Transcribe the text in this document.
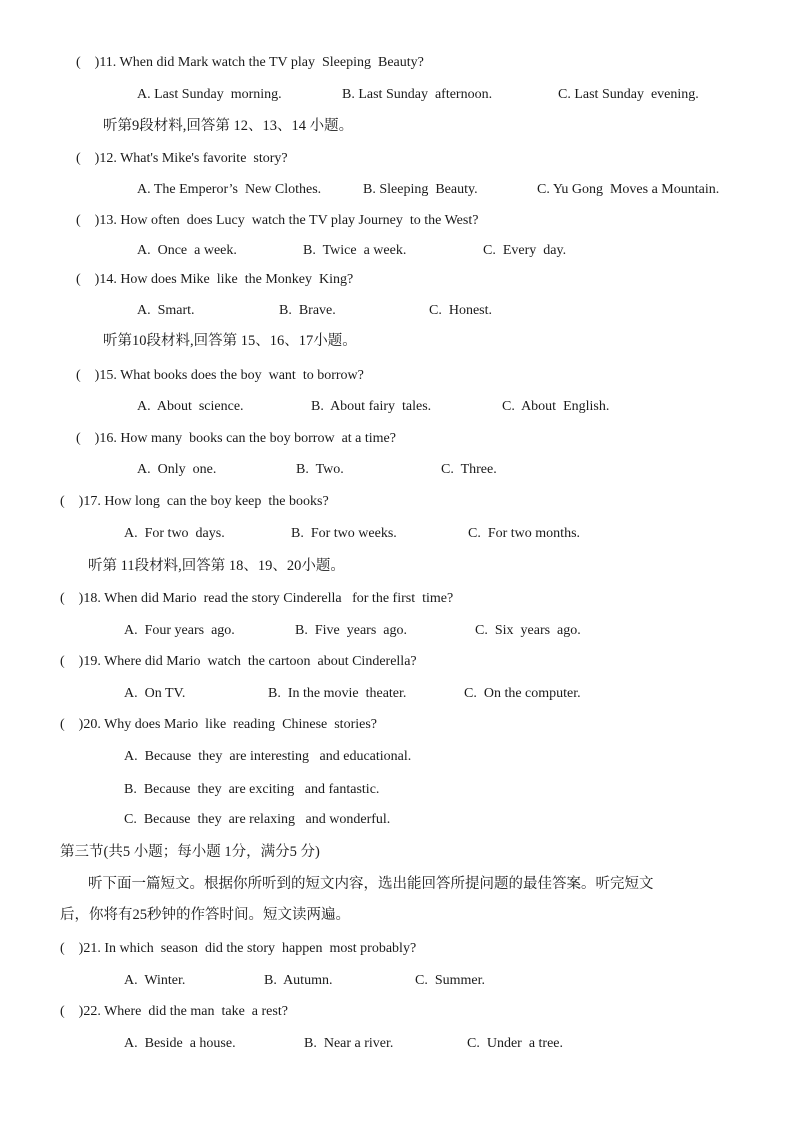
(    )11. When did Mark watch the TV play  Sleeping  Beauty?
A. Last Sunday  morning.	B. Last Sunday  afternoon.	C. Last Sunday  evening.
听第9段材料,回答第 12、13、14 小题。
(    )12. What's Mike's favorite  story?
A. The Emperor’s  New Clothes.	B. Sleeping  Beauty.	C. Yu Gong  Moves a Mountain.
(    )13. How often  does Lucy  watch the TV play Journey  to the West?
A.  Once  a week.	B.  Twice  a week.	C.  Every  day.
(    )14. How does Mike  like  the Monkey  King?
A.  Smart.	B.  Brave.	C.  Honest.
听第10段材料,回答第 15、16、17小题。
(    )15. What books does the boy  want  to borrow?
A.  About  science.	B.  About fairy  tales.	C.  About  English.
(    )16. How many  books can the boy borrow  at a time?
A.  Only  one.	B.  Two.	C.  Three.
(    )17. How long  can the boy keep  the books?
A.  For two  days.	B.  For two weeks.	C.  For two months.
听第 11段材料,回答第 18、19、20小题。
(    )18. When did Mario  read the story Cinderella   for the first  time?
A.  Four years  ago.	B.  Five  years  ago.	C.  Six  years  ago.
(    )19. Where did Mario  watch  the cartoon  about Cinderella?
A.  On TV.	B.  In the movie  theater.	C.  On the computer.
(    )20. Why does Mario  like  reading  Chinese  stories?
A.  Because  they  are interesting   and educational.
B.  Because  they  are exciting   and fantastic.
C.  Because  they  are relaxing   and wonderful.
第三节(共5 小题；每小题 1分，满分5 分)
听下面一篇短文。根据你所听到的短文内容，选出能回答所提问题的最佳答案。听完短文
后，你将有25秒钟的作答时间。短文读两遍。
(    )21. In which  season  did the story  happen  most probably?
A.  Winter.	B.  Autumn.	C.  Summer.
(    )22. Where  did the man  take  a rest?
A.  Beside  a house.	B.  Near a river.	C.  Under  a tree.
